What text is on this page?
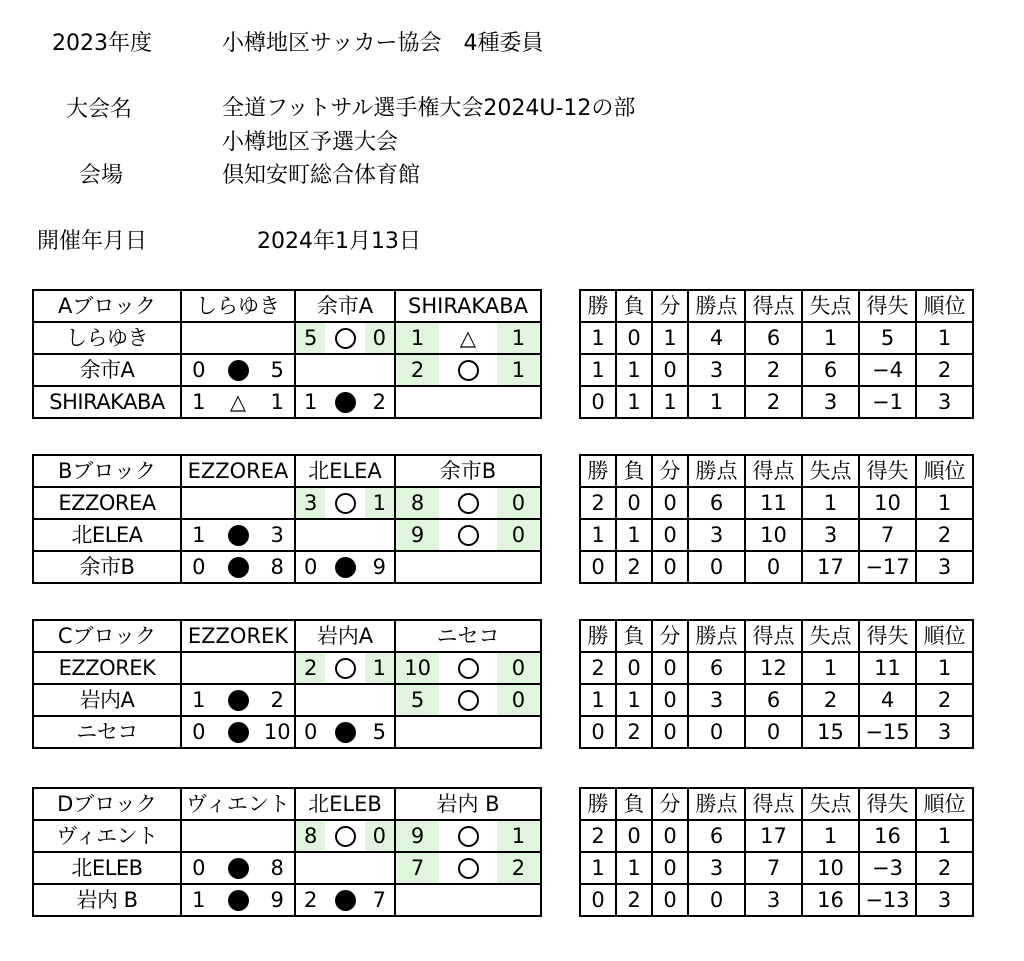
2023年度	小樽地区サッカー協会　4種委員
大会名	全道フットサル選手権大会2024U-12の部
小樽地区予選大会
会場	倶知安町総合体育館
開催年月日	2024年1月13日
Aブロック	しらゆき	余市A	SHIRAKABA
しらゆき		5 0	1 △ 1

余市A	0 5		2 1

SHIRAKABA	1 △ 1	1 2	

勝	負	分	勝点	得点	失点	得失	順位
1	0	1	4	6	1	5	1
1	1	0	3	2	6	−4	2
0	1	1	1	2	3	−1	3
Bブロック	EZZOREA	北ELEA	余市B
EZZOREA		3 1	8 0

北ELEA	1 3		9 0

余市B	0 8	0 9	

勝	負	分	勝点	得点	失点	得失	順位
2	0	0	6	11	1	10	1
1	1	0	3	10	3	7	2
0	2	0	0	0	17	−17	3
Cブロック	EZZOREK	岩内A	ニセコ
EZZOREK		2 1	10 0

岩内A	1 2		5 0

ニセコ	0 10	0 5	

勝	負	分	勝点	得点	失点	得失	順位
2	0	0	6	12	1	11	1
1	1	0	3	6	2	4	2
0	2	0	0	0	15	−15	3
Dブロック	ヴィエント	北ELEB	岩内 B
ヴィエント		8 0	9 1

北ELEB	0 8		7 2

岩内 B	1 9	2 7	

勝	負	分	勝点	得点	失点	得失	順位
2	0	0	6	17	1	16	1
1	1	0	3	7	10	−3	2
0	2	0	0	3	16	−13	3
